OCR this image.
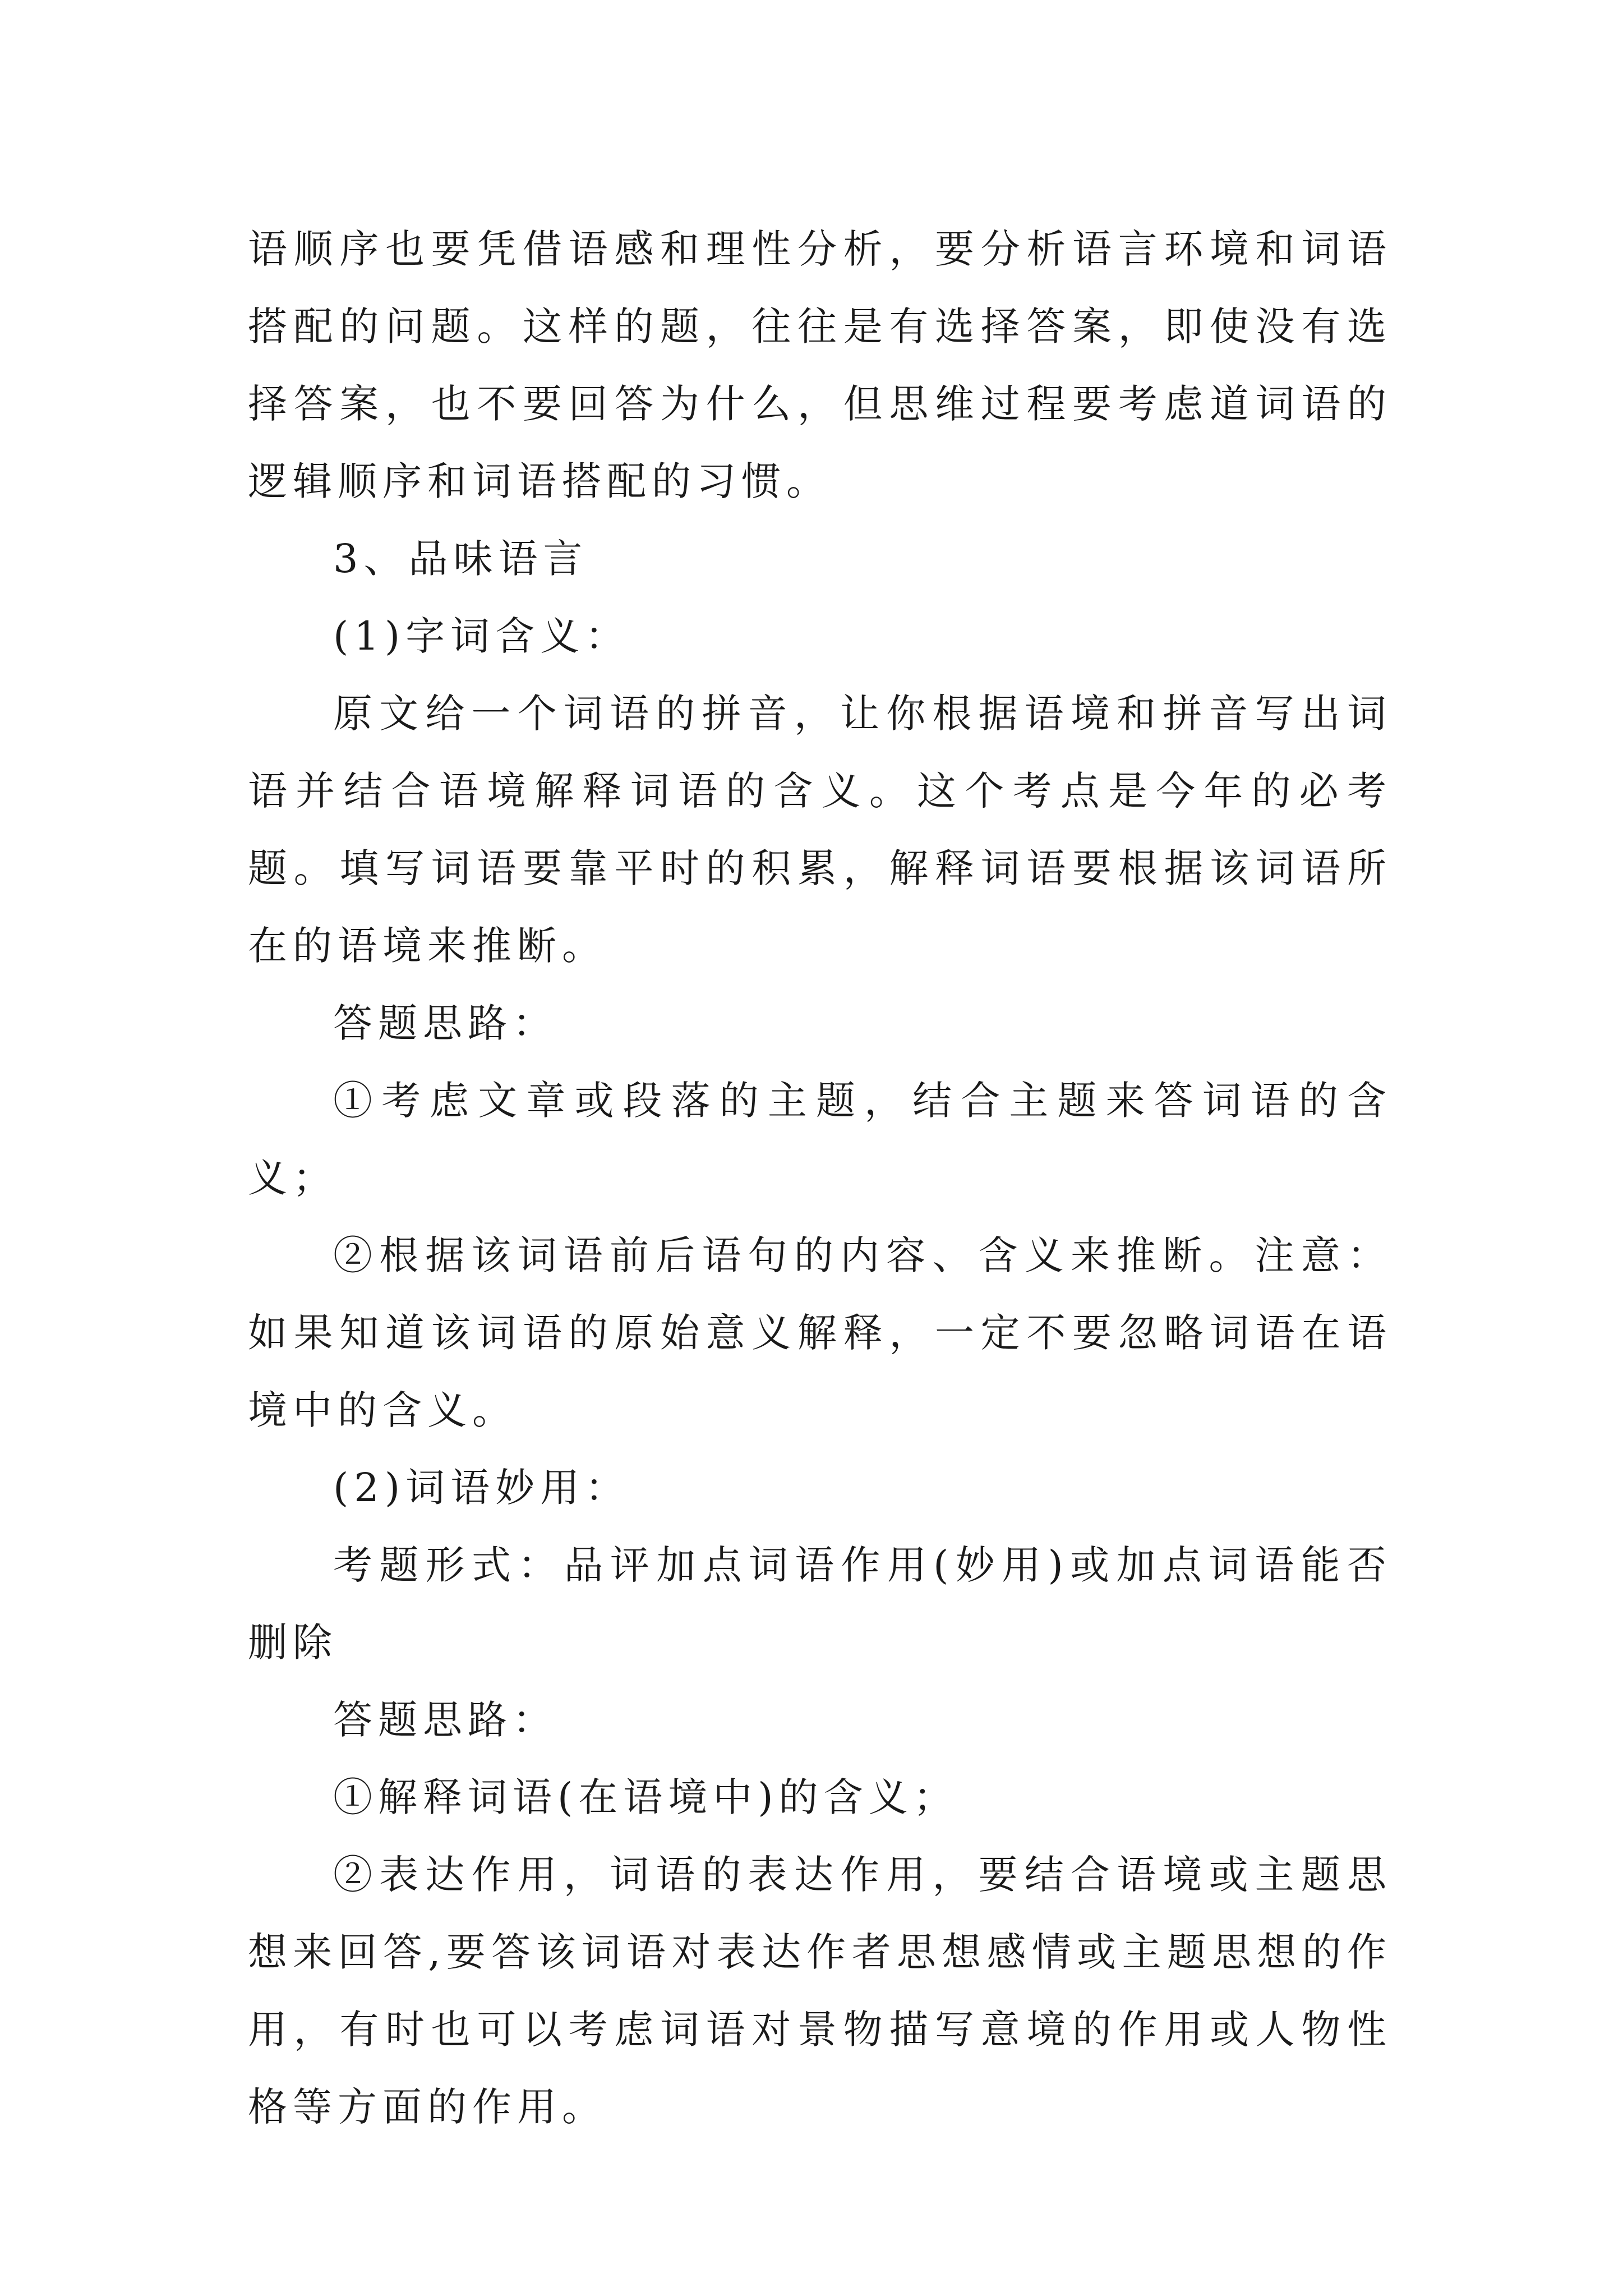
语顺序也要凭借语感和理性分析，要分析语言环境和词语搭配的问题。这样的题，往往是有选择答案，即使没有选择答案，也不要回答为什么，但思维过程要考虑道词语的逻辑顺序和词语搭配的习惯。

3、品味语言

(1)字词含义：

原文给一个词语的拼音，让你根据语境和拼音写出词语并结合语境解释词语的含义。这个考点是今年的必考题。填写词语要靠平时的积累，解释词语要根据该词语所在的语境来推断。

答题思路：

①考虑文章或段落的主题，结合主题来答词语的含义；

②根据该词语前后语句的内容、含义来推断。注意：如果知道该词语的原始意义解释，一定不要忽略词语在语境中的含义。

(2)词语妙用：

考题形式：品评加点词语作用(妙用)或加点词语能否删除

答题思路：

①解释词语(在语境中)的含义；

②表达作用，词语的表达作用，要结合语境或主题思想来回答,要答该词语对表达作者思想感情或主题思想的作用，有时也可以考虑词语对景物描写意境的作用或人物性格等方面的作用。
